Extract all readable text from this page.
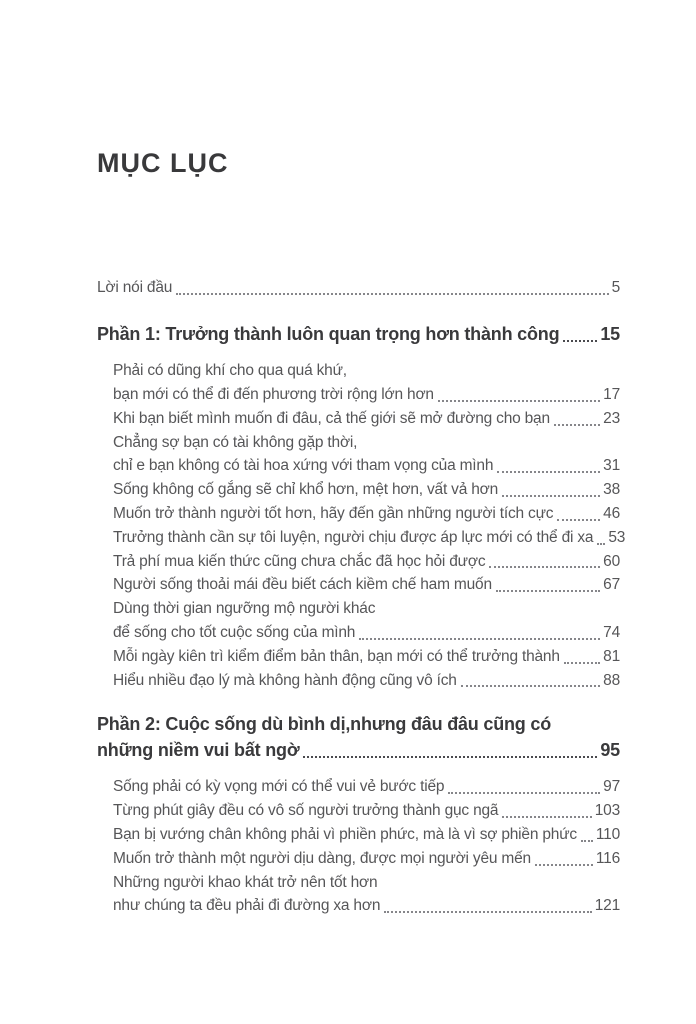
MỤC LỤC
Lời nói đầu	5
Phần 1: Trưởng thành luôn quan trọng hơn thành công 15
Phải có dũng khí cho qua quá khứ,
bạn mới có thể đi đến phương trời rộng lớn hơn	17
Khi bạn biết mình muốn đi đâu, cả thế giới sẽ mở đường cho bạn	23
Chẳng sợ bạn có tài không gặp thời,
chỉ e bạn không có tài hoa xứng với tham vọng của mình	31
Sống không cố gắng sẽ chỉ khổ hơn, mệt hơn, vất vả hơn	38
Muốn trở thành người tốt hơn, hãy đến gần những người tích cực	46
Trưởng thành cần sự tôi luyện, người chịu được áp lực mới có thể đi xa 53
Trả phí mua kiến thức cũng chưa chắc đã học hỏi được	60
Người sống thoải mái đều biết cách kiềm chế ham muốn	67
Dùng thời gian ngưỡng mộ người khác
để sống cho tốt cuộc sống của mình	74
Mỗi ngày kiên trì kiểm điểm bản thân, bạn mới có thể trưởng thành	81
Hiểu nhiều đạo lý mà không hành động cũng vô ích	88
Phần 2: Cuộc sống dù bình dị,nhưng đâu đâu cũng có
những niềm vui bất ngờ	95
Sống phải có kỳ vọng mới có thể vui vẻ bước tiếp	97
Từng phút giây đều có vô số người trưởng thành gục ngã	103
Bạn bị vướng chân không phải vì phiền phức, mà là vì sợ phiền phức 110
Muốn trở thành một người dịu dàng, được mọi người yêu mến	116
Những người khao khát trở nên tốt hơn
như chúng ta đều phải đi đường xa hơn	121
